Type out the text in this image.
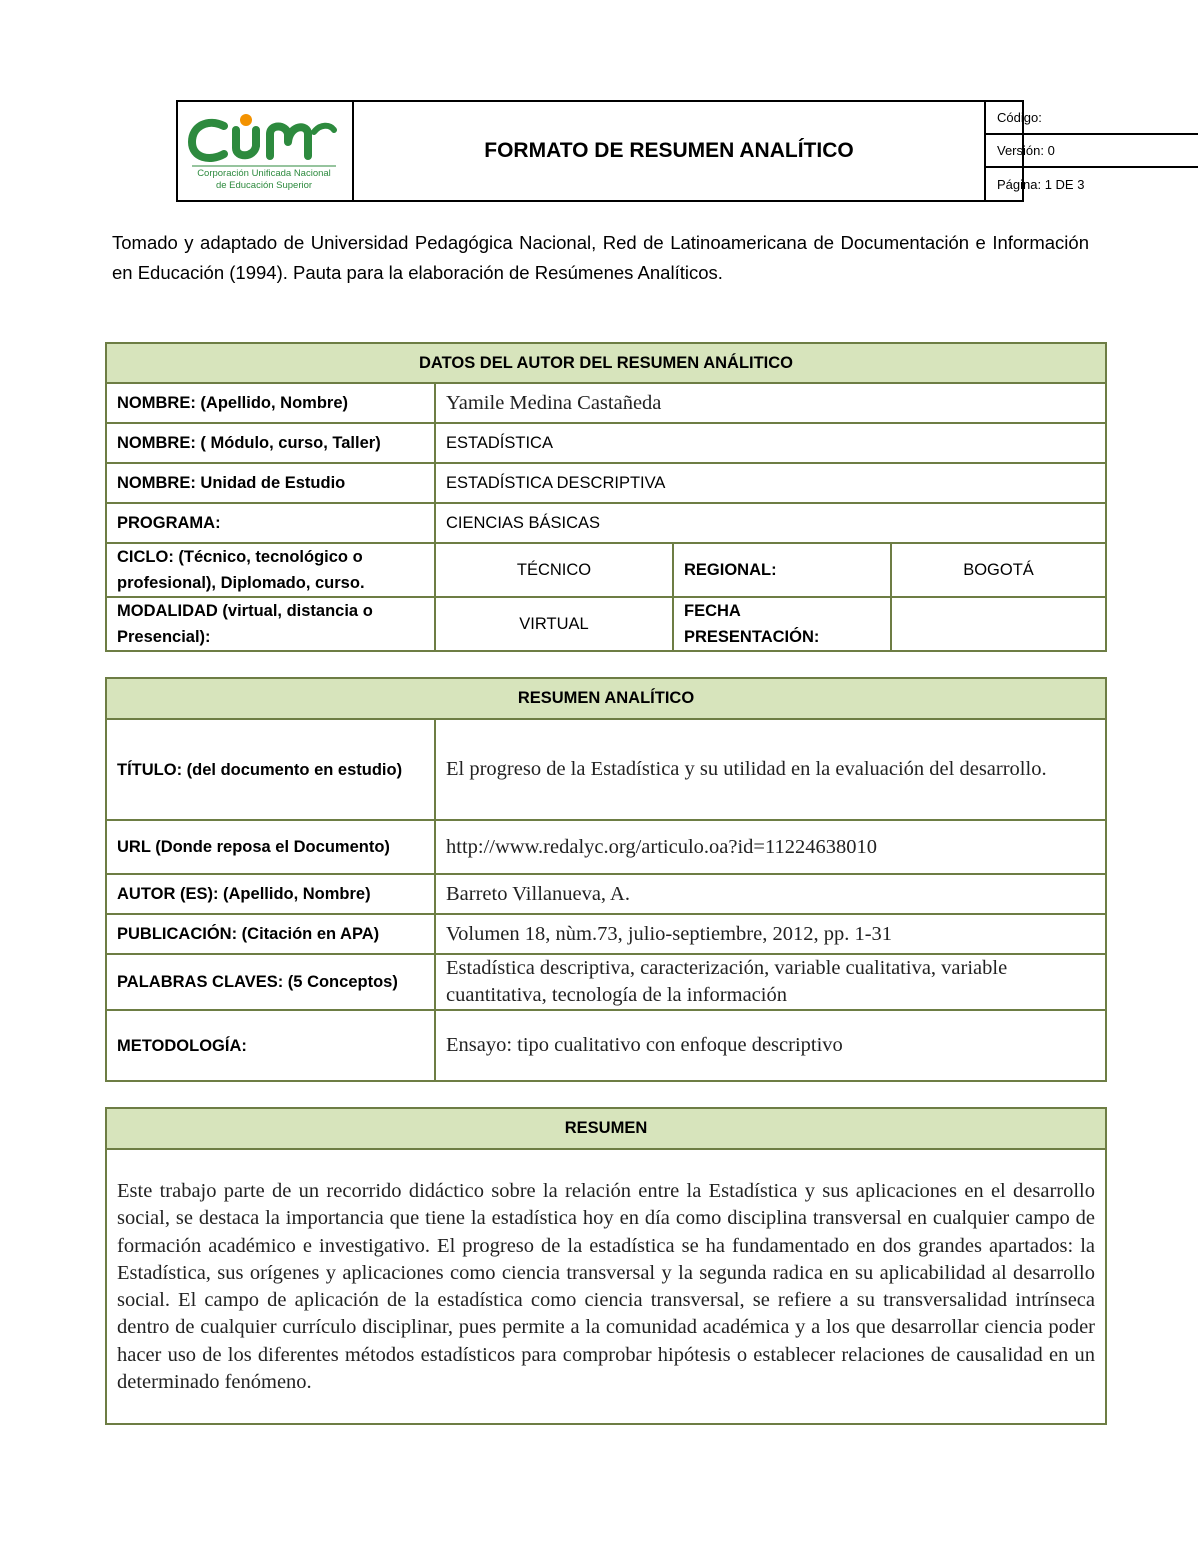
Corporación Unificada Nacional
de Educación Superior
FORMATO DE RESUMEN ANALÍTICO
Código:
Versión: 0
Página: 1 DE 3
Tomado y adaptado de Universidad Pedagógica Nacional, Red de Latinoamericana de Documentación e Información en Educación (1994). Pauta para la elaboración de Resúmenes Analíticos.
DATOS DEL AUTOR DEL RESUMEN ANÁLITICO			
NOMBRE: (Apellido, Nombre)	Yamile Medina Castañeda		
NOMBRE: ( Módulo, curso, Taller)	ESTADÍSTICA		
NOMBRE: Unidad de Estudio	ESTADÍSTICA DESCRIPTIVA		
PROGRAMA:	CIENCIAS BÁSICAS		
CICLO: (Técnico, tecnológico o profesional), Diplomado, curso.	TÉCNICO	REGIONAL:	BOGOTÁ
MODALIDAD (virtual, distancia o Presencial):	VIRTUAL	FECHA PRESENTACIÓN:	
RESUMEN ANALÍTICO	
TÍTULO: (del documento en estudio)	El progreso de la Estadística y su utilidad en la evaluación del desarrollo.
URL (Donde reposa el Documento)	http://www.redalyc.org/articulo.oa?id=11224638010
AUTOR (ES): (Apellido, Nombre)	Barreto Villanueva, A.
PUBLICACIÓN: (Citación en APA)	Volumen 18, nùm.73, julio-septiembre, 2012, pp. 1-31
PALABRAS CLAVES: (5 Conceptos)	Estadística descriptiva, caracterización, variable cualitativa, variable cuantitativa, tecnología de la información
METODOLOGÍA:	Ensayo: tipo cualitativo con enfoque descriptivo
RESUMEN

Este trabajo parte de un recorrido didáctico sobre la relación entre la Estadística y sus aplicaciones en el desarrollo social, se destaca la importancia que tiene la estadística hoy en día como disciplina transversal en cualquier campo de formación académico e investigativo. El progreso de la estadística se ha fundamentado en dos grandes apartados: la Estadística, sus orígenes y aplicaciones como ciencia transversal y la segunda radica en su aplicabilidad al desarrollo social. El campo de aplicación de la estadística como ciencia transversal, se refiere a su transversalidad intrínseca dentro de cualquier currículo disciplinar, pues permite a la comunidad académica y a los que desarrollar ciencia poder hacer uso de los diferentes métodos estadísticos para comprobar hipótesis o establecer relaciones de causalidad en un determinado fenómeno.
